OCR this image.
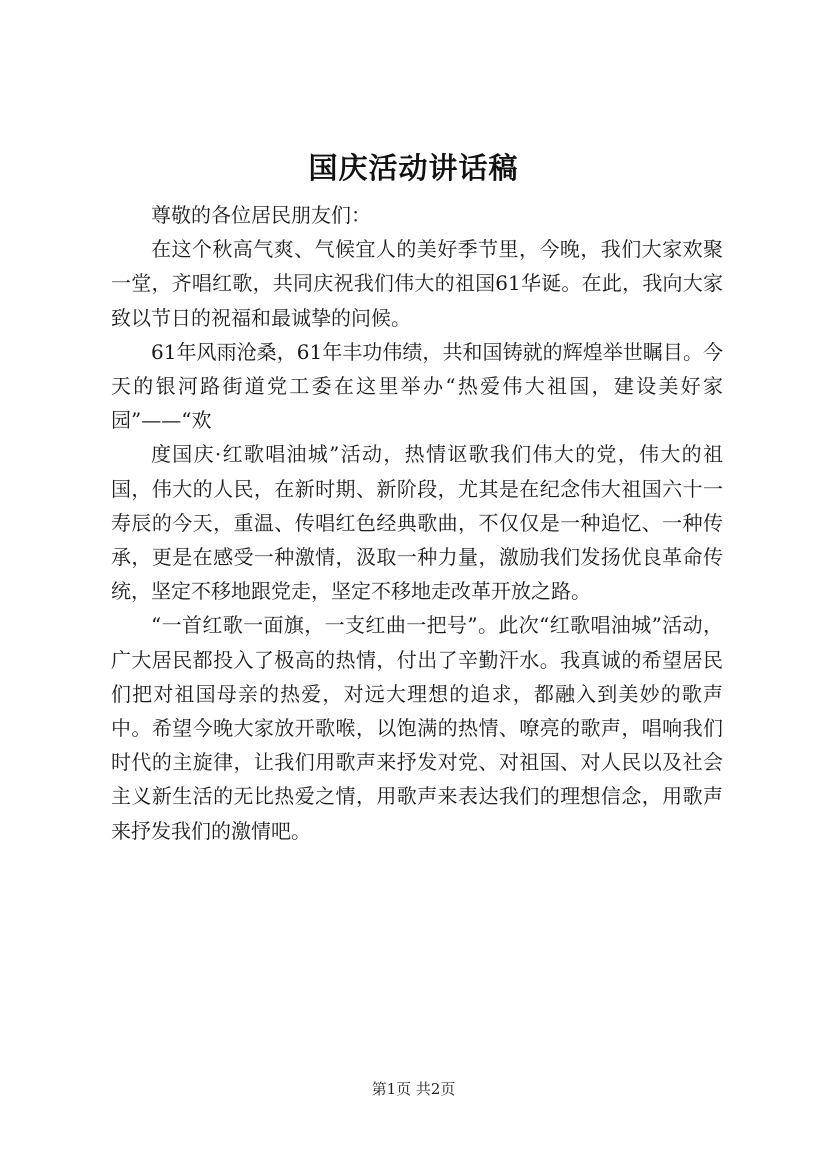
国庆活动讲话稿

尊敬的各位居民朋友们：

在这个秋高气爽、气候宜人的美好季节里，今晚，我们大家欢聚一堂，齐唱红歌，共同庆祝我们伟大的祖国61华诞。在此，我向大家致以节日的祝福和最诚挚的问候。

61年风雨沧桑，61年丰功伟绩，共和国铸就的辉煌举世瞩目。今天的银河路街道党工委在这里举办“热爱伟大祖国，建设美好家园”——“欢

度国庆·红歌唱油城”活动，热情讴歌我们伟大的党，伟大的祖国，伟大的人民，在新时期、新阶段，尤其是在纪念伟大祖国六十一寿辰的今天，重温、传唱红色经典歌曲，不仅仅是一种追忆、一种传承，更是在感受一种激情，汲取一种力量，激励我们发扬优良革命传统，坚定不移地跟党走，坚定不移地走改革开放之路。

“一首红歌一面旗，一支红曲一把号”。此次“红歌唱油城”活动，广大居民都投入了极高的热情，付出了辛勤汗水。我真诚的希望居民们把对祖国母亲的热爱，对远大理想的追求，都融入到美妙的歌声中。希望今晚大家放开歌喉，以饱满的热情、嘹亮的歌声，唱响我们时代的主旋律，让我们用歌声来抒发对党、对祖国、对人民以及社会主义新生活的无比热爱之情，用歌声来表达我们的理想信念，用歌声来抒发我们的激情吧。

第1页 共2页
